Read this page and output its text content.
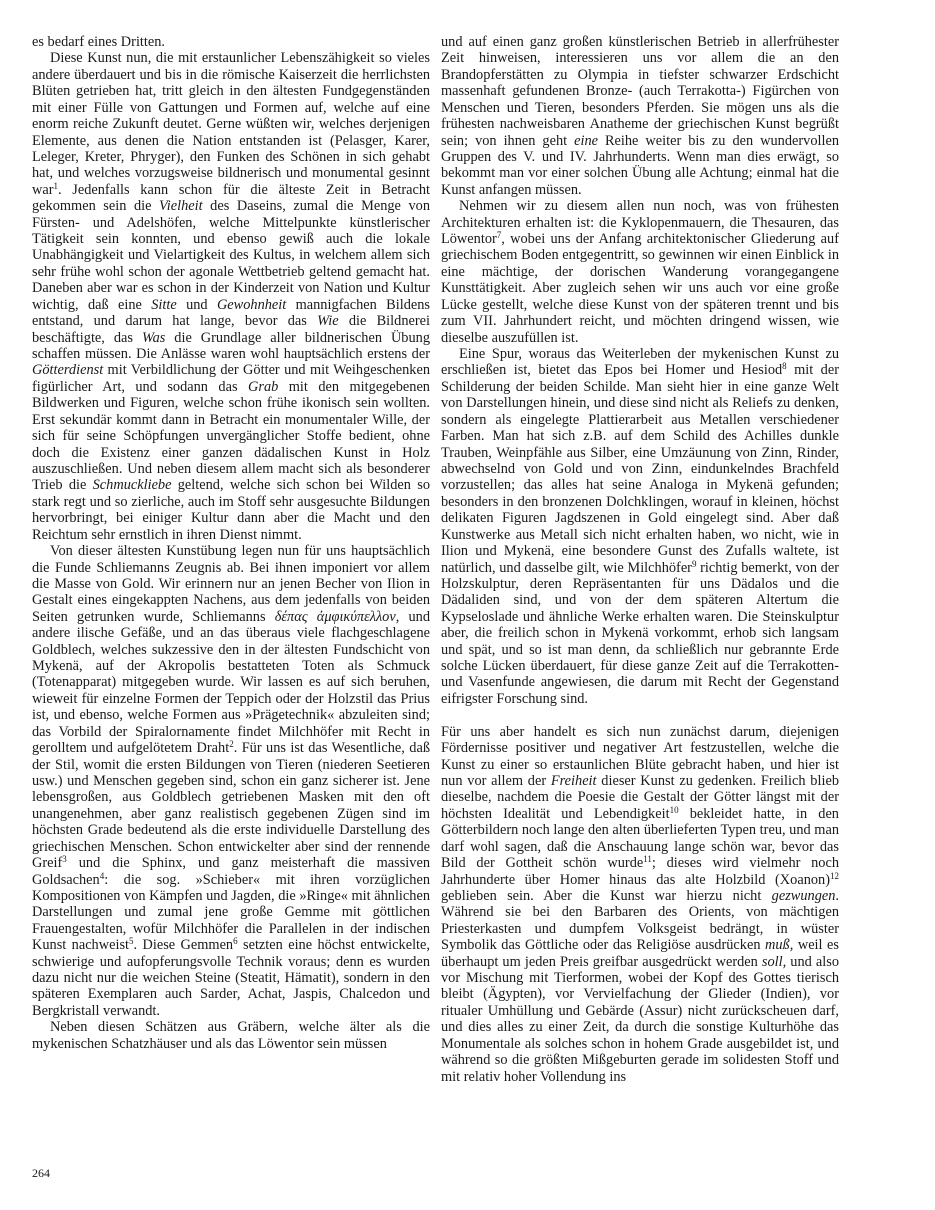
es bedarf eines Dritten.

Diese Kunst nun, die mit erstaunlicher Lebenszähigkeit so vieles andere überdauert und bis in die römische Kaiserzeit die herrlichsten Blüten getrieben hat, tritt gleich in den ältesten Fundgegenständen mit einer Fülle von Gattungen und Formen auf, welche auf eine enorm reiche Zukunft deutet. Gerne wüßten wir, welches derjenigen Elemente, aus denen die Nation entstanden ist (Pelasger, Karer, Leleger, Kreter, Phryger), den Funken des Schönen in sich gehabt hat, und welches vorzugsweise bildnerisch und monumental gesinnt war$^1$. Jedenfalls kann schon für die älteste Zeit in Betracht gekommen sein die Vielheit des Daseins, zumal die Menge von Fürsten- und Adelshöfen, welche Mittelpunkte künstlerischer Tätigkeit sein konnten, und ebenso gewiß auch die lokale Unabhängigkeit und Vielartigkeit des Kultus, in welchem allem sich sehr frühe wohl schon der agonale Wettbetrieb geltend gemacht hat. Daneben aber war es schon in der Kinderzeit von Nation und Kultur wichtig, daß eine Sitte und Gewohnheit mannigfachen Bildens entstand, und darum hat lange, bevor das Wie die Bildnerei beschäftigte, das Was die Grundlage aller bildnerischen Übung schaffen müssen. Die Anlässe waren wohl hauptsächlich erstens der Götterdienst mit Verbildlichung der Götter und mit Weihgeschenken figürlicher Art, und sodann das Grab mit den mitgegebenen Bildwerken und Figuren, welche schon frühe ikonisch sein wollten. Erst sekundär kommt dann in Betracht ein monumentaler Wille, der sich für seine Schöpfungen unvergänglicher Stoffe bedient, ohne doch die Existenz einer ganzen dädalischen Kunst in Holz auszuschließen. Und neben diesem allem macht sich als besonderer Trieb die Schmuckliebe geltend, welche sich schon bei Wilden so stark regt und so zierliche, auch im Stoff sehr ausgesuchte Bildungen hervorbringt, bei einiger Kultur dann aber die Macht und den Reichtum sehr ernstlich in ihren Dienst nimmt.

Von dieser ältesten Kunstübung legen nun für uns hauptsächlich die Funde Schliemanns Zeugnis ab. Bei ihnen imponiert vor allem die Masse von Gold. Wir erinnern nur an jenen Becher von Ilion in Gestalt eines eingekappten Nachens, aus dem jedenfalls von beiden Seiten getrunken wurde, Schliemanns δέπας ἀμφικύπελλον, und andere ilische Gefäße, und an das überaus viele flachgeschlagene Goldblech, welches sukzessive den in der ältesten Fundschicht von Mykenä, auf der Akropolis bestatteten Toten als Schmuck (Totenapparat) mitgegeben wurde. Wir lassen es auf sich beruhen, wieweit für einzelne Formen der Teppich oder der Holzstil das Prius ist, und ebenso, welche Formen aus »Prägetechnik« abzuleiten sind; das Vorbild der Spiralornamente findet Milchhöfer mit Recht in gerolltem und aufgelötetem Draht$^2$. Für uns ist das Wesentliche, daß der Stil, womit die ersten Bildungen von Tieren (niederen Seetieren usw.) und Menschen gegeben sind, schon ein ganz sicherer ist. Jene lebensgroßen, aus Goldblech getriebenen Masken mit den oft unangenehmen, aber ganz realistisch gegebenen Zügen sind im höchsten Grade bedeutend als die erste individuelle Darstellung des griechischen Menschen. Schon entwickelter aber sind der rennende Greif$^3$ und die Sphinx, und ganz meisterhaft die massiven Goldsachen$^4$: die sog. »Schieber« mit ihren vorzüglichen Kompositionen von Kämpfen und Jagden, die »Ringe« mit ähnlichen Darstellungen und zumal jene große Gemme mit göttlichen Frauengestalten, wofür Milchhöfer die Parallelen in der indischen Kunst nachweist$^5$. Diese Gemmen$^6$ setzten eine höchst entwickelte, schwierige und aufopferungsvolle Technik voraus; denn es wurden dazu nicht nur die weichen Steine (Steatit, Hämatit), sondern in den späteren Exemplaren auch Sarder, Achat, Jaspis, Chalcedon und Bergkristall verwandt.

Neben diesen Schätzen aus Gräbern, welche älter als die mykenischen Schatzhäuser und als das Löwentor sein müssen

und auf einen ganz großen künstlerischen Betrieb in allerfrühester Zeit hinweisen, interessieren uns vor allem die an den Brandopferstätten zu Olympia in tiefster schwarzer Erdschicht massenhaft gefundenen Bronze- (auch Terrakotta-) Figürchen von Menschen und Tieren, besonders Pferden. Sie mögen uns als die frühesten nachweisbaren Anatheme der griechischen Kunst begrüßt sein; von ihnen geht eine Reihe weiter bis zu den wundervollen Gruppen des V. und IV. Jahrhunderts. Wenn man dies erwägt, so bekommt man vor einer solchen Übung alle Achtung; einmal hat die Kunst anfangen müssen.

Nehmen wir zu diesem allen nun noch, was von frühesten Architekturen erhalten ist: die Kyklopenmauern, die Thesauren, das Löwentor$^7$, wobei uns der Anfang architektonischer Gliederung auf griechischem Boden entgegentritt, so gewinnen wir einen Einblick in eine mächtige, der dorischen Wanderung vorangegangene Kunsttätigkeit. Aber zugleich sehen wir uns auch vor eine große Lücke gestellt, welche diese Kunst von der späteren trennt und bis zum VII. Jahrhundert reicht, und möchten dringend wissen, wie dieselbe auszufüllen ist.

Eine Spur, woraus das Weiterleben der mykenischen Kunst zu erschließen ist, bietet das Epos bei Homer und Hesiod$^8$ mit der Schilderung der beiden Schilde. Man sieht hier in eine ganze Welt von Darstellungen hinein, und diese sind nicht als Reliefs zu denken, sondern als eingelegte Plattierarbeit aus Metallen verschiedener Farben. Man hat sich z.B. auf dem Schild des Achilles dunkle Trauben, Weinpfähle aus Silber, eine Umzäunung von Zinn, Rinder, abwechselnd von Gold und von Zinn, eindunkelndes Brachfeld vorzustellen; das alles hat seine Analoga in Mykenä gefunden; besonders in den bronzenen Dolchklingen, worauf in kleinen, höchst delikaten Figuren Jagdszenen in Gold eingelegt sind. Aber daß Kunstwerke aus Metall sich nicht erhalten haben, wo nicht, wie in Ilion und Mykenä, eine besondere Gunst des Zufalls waltete, ist natürlich, und dasselbe gilt, wie Milchhöfer$^9$ richtig bemerkt, von der Holzskulptur, deren Repräsentanten für uns Dädalos und die Dädaliden sind, und von der dem späteren Altertum die Kypseloslade und ähnliche Werke erhalten waren. Die Steinskulptur aber, die freilich schon in Mykenä vorkommt, erhob sich langsam und spät, und so ist man denn, da schließlich nur gebrannte Erde solche Lücken überdauert, für diese ganze Zeit auf die Terrakotten- und Vasenfunde angewiesen, die darum mit Recht der Gegenstand eifrigster Forschung sind.

Für uns aber handelt es sich nun zunächst darum, diejenigen Fördernisse positiver und negativer Art festzustellen, welche die Kunst zu einer so erstaunlichen Blüte gebracht haben, und hier ist nun vor allem der Freiheit dieser Kunst zu gedenken. Freilich blieb dieselbe, nachdem die Poesie die Gestalt der Götter längst mit der höchsten Idealität und Lebendigkeit$^{10}$ bekleidet hatte, in den Götterbildern noch lange den alten überlieferten Typen treu, und man darf wohl sagen, daß die Anschauung lange schön war, bevor das Bild der Gottheit schön wurde$^{11}$; dieses wird vielmehr noch Jahrhunderte über Homer hinaus das alte Holzbild (Xoanon)$^{12}$ geblieben sein. Aber die Kunst war hierzu nicht gezwungen. Während sie bei den Barbaren des Orients, von mächtigen Priesterkasten und dumpfem Volksgeist bedrängt, in wüster Symbolik das Göttliche oder das Religiöse ausdrücken muß, weil es überhaupt um jeden Preis greifbar ausgedrückt werden soll, und also vor Mischung mit Tierformen, wobei der Kopf des Gottes tierisch bleibt (Ägypten), vor Vervielfachung der Glieder (Indien), vor ritualer Umhüllung und Gebärde (Assur) nicht zurückscheuen darf, und dies alles zu einer Zeit, da durch die sonstige Kulturhöhe das Monumentale als solches schon in hohem Grade ausgebildet ist, und während so die größten Mißgeburten gerade im solidesten Stoff und mit relativ hoher Vollendung ins

264
